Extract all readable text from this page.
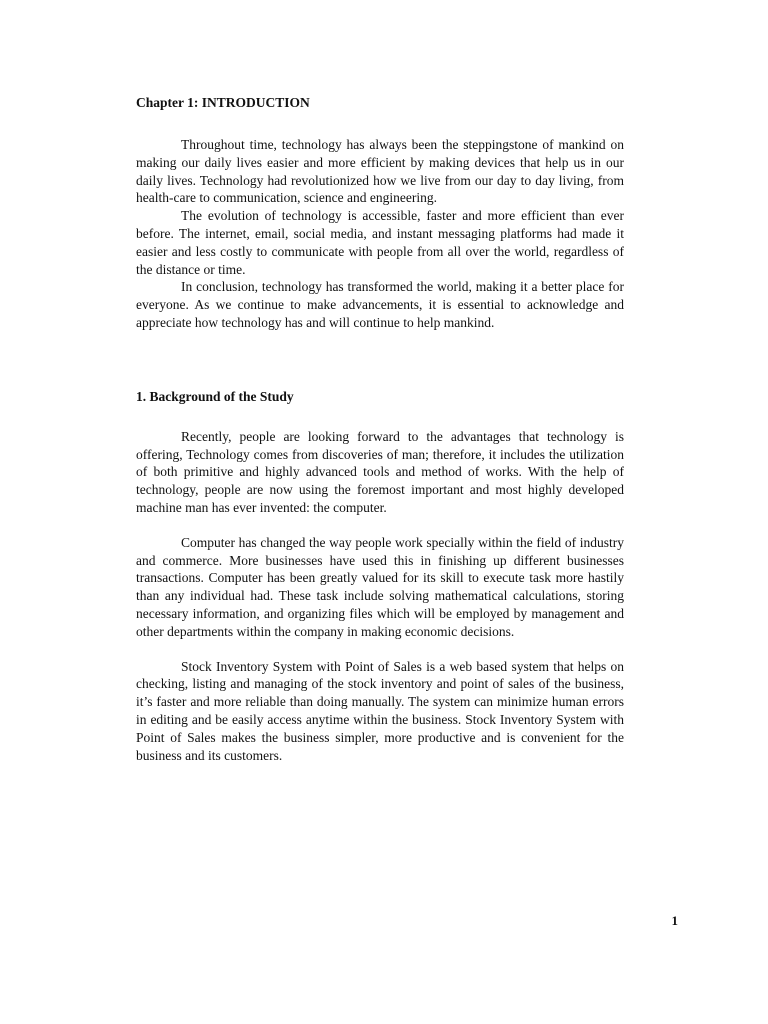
Chapter 1: INTRODUCTION

Throughout time, technology has always been the steppingstone of mankind on making our daily lives easier and more efficient by making devices that help us in our daily lives. Technology had revolutionized how we live from our day to day living, from health-care to communication, science and engineering.

The evolution of technology is accessible, faster and more efficient than ever before. The internet, email, social media, and instant messaging platforms had made it easier and less costly to communicate with people from all over the world, regardless of the distance or time.

In conclusion, technology has transformed the world, making it a better place for everyone. As we continue to make advancements, it is essential to acknowledge and appreciate how technology has and will continue to help mankind.

1. Background of the Study

Recently, people are looking forward to the advantages that technology is offering, Technology comes from discoveries of man; therefore, it includes the utilization of both primitive and highly advanced tools and method of works. With the help of technology, people are now using the foremost important and most highly developed machine man has ever invented: the computer.

Computer has changed the way people work specially within the field of industry and commerce. More businesses have used this in finishing up different businesses transactions. Computer has been greatly valued for its skill to execute task more hastily than any individual had. These task include solving mathematical calculations, storing necessary information, and organizing files which will be employed by management and other departments within the company in making economic decisions.

Stock Inventory System with Point of Sales is a web based system that helps on checking, listing and managing of the stock inventory and point of sales of the business, it’s faster and more reliable than doing manually. The system can minimize human errors in editing and be easily access anytime within the business. Stock Inventory System with Point of Sales makes the business simpler, more productive and is convenient for the business and its customers.

1
